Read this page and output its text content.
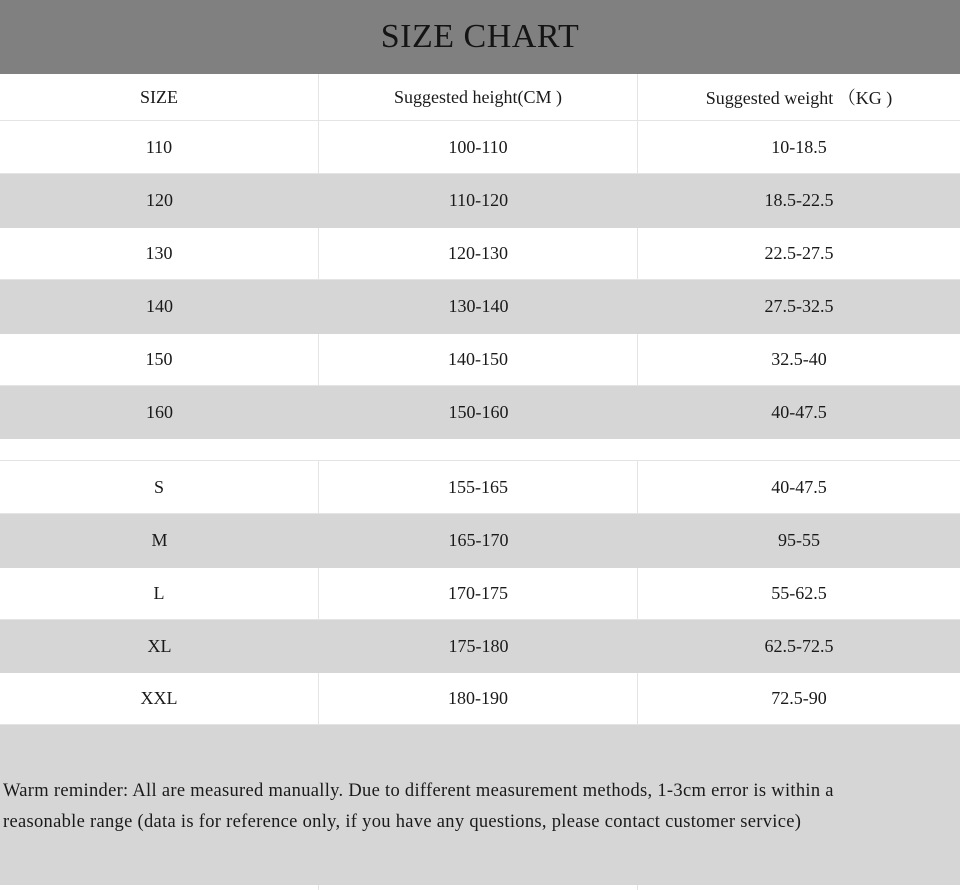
SIZE CHART
SIZE	Suggested height(CM )	Suggested weight （KG )
110	100-110	10-18.5
120	110-120	18.5-22.5
130	120-130	22.5-27.5
140	130-140	27.5-32.5
150	140-150	32.5-40
160	150-160	40-47.5
S	155-165	40-47.5
M	165-170	95-55
L	170-175	55-62.5
XL	175-180	62.5-72.5
XXL	180-190	72.5-90
Warm reminder: All are measured manually. Due to different measurement methods, 1-3cm error is within a
reasonable range (data is for reference only, if you have any questions, please contact customer service)
